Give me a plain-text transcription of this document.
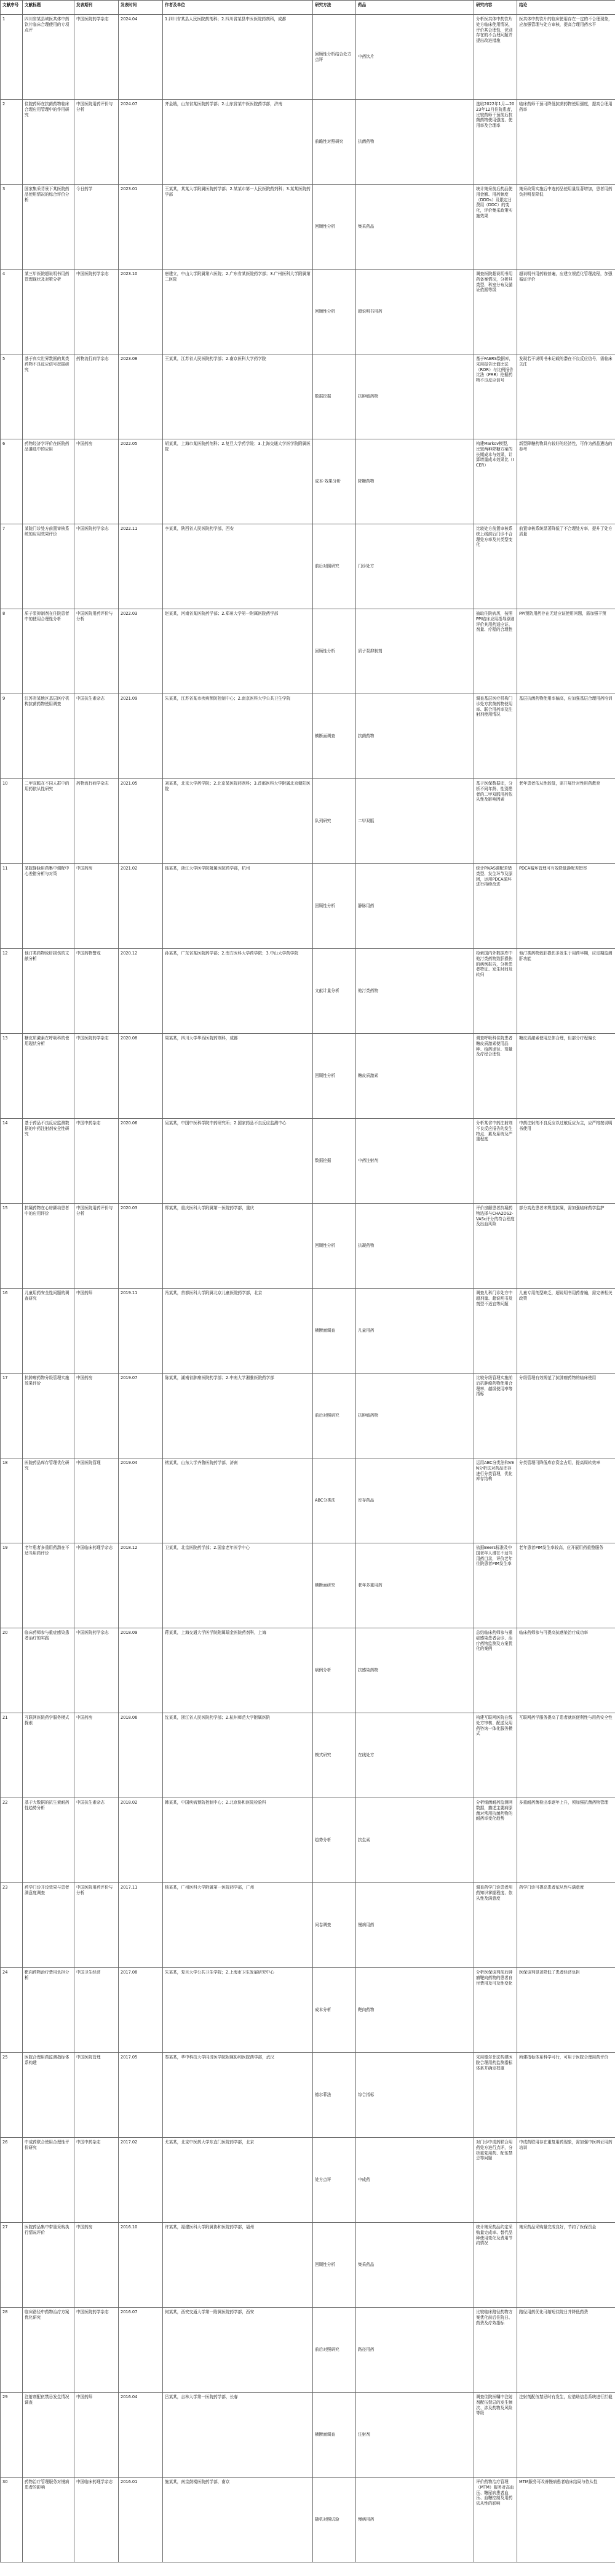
文献序号	文献标题	发表期刊	发表时间	作者及单位	研究方法	药品	研究内容	结论
1	四川省某县域医共体中药饮片临床合理使用的专项点评	中国医院药学杂志	2024.04	1.四川省某县人民医院药剂科；2.四川省某县中医医院药剂科，成都	回顾性分析结合处方点评	中药饮片	分析医共体中药饮片处方临床使用情况，评价其合理性，识别存在的不合理问题并提出改进措施	医共体中药饮片的临床使用存在一定的不合理现象，应加强管理与处方审核，提高合理用药水平
2	住院药师在抗菌药物临床合理应用管理中的作用研究	中国医院用药评价与分析	2024.07	齐金娥，山东省某医院药学部；2.山东省某中医医院药学部，济南	前瞻性对照研究	抗菌药物	选取2022年1月—2023年12月住院患者，比较药师干预前后抗菌药物使用强度、使用率及合理率	临床药师干预可降低抗菌药物使用强度，提高合理用药率
3	国家集采背景下某医院药品使用情况的综合评价分析	今日药学	2023.01	王某某，某某大学附属医院药学部；2.某某市第一人民医院药剂科；3.某某医院药学部	回顾性分析	集采药品	统计集采前后药品使用金额、用药频度（DDDs）及限定日费用（DDC）的变化，评价集采政策实施效果	集采政策实施后中选药品使用量显著增加，患者用药负担明显降低
4	某三甲医院超说明书用药管理现状及对策分析	中国医院药学杂志	2023.10	唐建立，中山大学附属第六医院；2.广东省某医院药学部；3.广州医科大学附属第二医院	回顾性分析	超说明书用药	调查医院超说明书用药备案情况，分析其类型、科室分布及循证依据等级	超说明书用药较普遍，应建立规范化管理流程，加强循证评价
5	基于真实世界数据的某类药物不良反应信号挖掘研究	药物流行病学杂志	2023.08	王某某，江苏省人民医院药学部；2.南京医科大学药学院	数据挖掘	抗肿瘤药物	基于FAERS数据库，采用报告比值比法（ROR）与比例报告比法（PRR）挖掘药物不良反应信号	发现若干说明书未记载的潜在不良反应信号，需临床关注
6	药物经济学评价在医院药品遴选中的应用	中国药房	2022.05	胡某某，上海市某医院药剂科；2.复旦大学药学院；3.上海交通大学医学院附属医院	成本-效果分析	降糖药物	构建Markov模型，比较两种降糖方案的长期成本与效果，计算增量成本效果比（ICER）	新型降糖药物具有较好的经济性，可作为药品遴选的参考
7	某院门诊处方前置审核系统的应用效果评价	中国医院药学杂志	2022.11	李某某，陕西省人民医院药学部，西安	前后对照研究	门诊处方	比较处方前置审核系统上线前后门诊不合理处方率及其类型变化	前置审核系统显著降低了不合理处方率，提升了处方质量
8	质子泵抑制剂在住院患者中的使用合理性分析	中国医院用药评价与分析	2022.03	赵某某，河南省某医院药学部；2.郑州大学第一附属医院药学部	回顾性分析	质子泵抑制剂	抽取住院病历，按照PPI临床应用指导原则评价其用药适应证、剂量、疗程的合理性	PPI预防用药存在无适应证使用问题，需加强干预
9	江苏省某地区基层医疗机构抗菌药物使用调查	中国抗生素杂志	2021.09	朱某某，江苏省某市疾病预防控制中心；2.南京医科大学公共卫生学院	横断面调查	抗菌药物	调查基层医疗机构门诊处方抗菌药物使用率、联合用药率及注射剂使用情况	基层抗菌药物使用率偏高，应加强基层合理用药培训
10	二甲双胍在不同人群中的用药依从性研究	药物流行病学杂志	2021.05	刘某某，北京大学药学院；2.北京某医院药剂科；3.首都医科大学附属北京朝阳医院	队列研究	二甲双胍	基于医保数据库，分析不同年龄、性别患者的二甲双胍用药依从性及影响因素	老年患者依从性较低，需开展针对性用药教育
11	某院静脉用药集中调配中心差错分析与对策	中国药房	2021.02	钱某某，浙江大学医学院附属医院药学部，杭州	回顾性分析	静脉用药	统计PIVAS调配差错类型、发生环节及原因，运用PDCA循环进行持续改进	PDCA循环管理可有效降低静配差错率
12	他汀类药物致肝损伤的文献分析	中国药物警戒	2020.12	孙某某，广东省某医院药学部；2.南方医科大学药学院；3.中山大学药学院	文献计量分析	他汀类药物	检索国内外数据库中他汀类药物致肝损伤的病例报告，分析患者特征、发生时间及转归	他汀类药物致肝损伤多发生于用药早期，应定期监测肝功能
13	糖皮质激素在呼吸科的使用现状分析	中国医院药学杂志	2020.08	周某某，四川大学华西医院药剂科，成都	回顾性分析	糖皮质激素	调查呼吸科住院患者糖皮质激素使用品种、给药途径、剂量及疗程合理性	糖皮质激素使用总体合理，但部分疗程偏长
14	基于药品不良反应监测数据的中药注射剂安全性研究	中国中药杂志	2020.06	吴某某，中国中医科学院中药研究所；2.国家药品不良反应监测中心	数据挖掘	中药注射剂	分析某省中药注射剂不良反应报告的发生特点、累及系统及严重程度	中药注射剂不良反应以过敏反应为主，应严格按说明书使用
15	抗凝药物在心房颤动患者中的应用评价	中国医院用药评价与分析	2020.03	郑某某，重庆医科大学附属第一医院药学部，重庆	回顾性分析	抗凝药物	评价房颤患者抗凝药物选择与CHA2DS2-VASc评分的符合程度及出血风险	部分高危患者未规范抗凝，需加强临床药学监护
16	儿童用药安全性问题的调查研究	中国药师	2019.11	冯某某，首都医科大学附属北京儿童医院药学部，北京	横断面调查	儿童用药	调查儿科门诊处方中超剂量、超说明书及剂型不适宜等问题	儿童专用剂型缺乏，超说明书用药普遍，需完善相关政策
17	抗肿瘤药物分级管理实施效果评价	中国药房	2019.07	陈某某，湖南省肿瘤医院药学部；2.中南大学湘雅医院药学部	前后对照研究	抗肿瘤药物	比较分级管理实施前后抗肿瘤药物使用合理率、越级使用率等指标	分级管理有效规范了抗肿瘤药物的临床使用
18	医院药品库存管理优化研究	中国医院管理	2019.04	褚某某，山东大学齐鲁医院药学部，济南	ABC分类法	库存药品	运用ABC分类法和VEN分析法对药品库存进行分类管理，优化库存结构	分类管理可降低库存资金占用，提高周转效率
19	老年患者多重用药潜在不适当用药评价	中国临床药理学杂志	2018.12	卫某某，北京医院药学部；2.国家老年医学中心	横断面研究	老年多重用药	依据Beers标准及中国老年人潜在不适当用药目录，评价老年住院患者PIM发生率	老年患者PIM发生率较高，应开展用药重整服务
20	临床药师参与重症感染患者治疗的实践	中国医院药学杂志	2018.09	蒋某某，上海交通大学医学院附属瑞金医院药剂科，上海	病例分析	抗感染药物	总结临床药师参与重症感染患者会诊、治疗药物监测及方案优化的案例	临床药师参与可提高抗感染治疗成功率
21	互联网医院药学服务模式探索	中国药房	2018.06	沈某某，浙江省人民医院药学部；2.杭州师范大学附属医院	模式研究	在线处方	构建互联网医院在线处方审核、配送及用药咨询一体化服务模式	互联网药学服务提高了患者就医便利性与用药安全性
22	基于大数据的抗生素耐药性趋势分析	中国抗生素杂志	2018.02	韩某某，中国疾病预防控制中心；2.北京协和医院检验科	趋势分析	抗生素	分析细菌耐药监测网数据，描述主要病原菌对常用抗菌药物的耐药率变化趋势	多重耐药菌检出率逐年上升，须加强抗菌药物管理
23	药学门诊开设效果与患者满意度调查	中国医院用药评价与分析	2017.11	杨某某，广州医科大学附属第一医院药学部，广州	问卷调查	慢病用药	调查药学门诊患者用药知识掌握程度、依从性及满意度	药学门诊可提高患者依从性与满意度
24	靶向药物治疗费用负担分析	中国卫生经济	2017.08	朱某某，复旦大学公共卫生学院；2.上海市卫生发展研究中心	成本分析	靶向药物	分析医保谈判前后肿瘤靶向药物的患者自付费用及可及性变化	医保谈判显著降低了患者经济负担
25	医院合理用药监测指标体系构建	中国医院管理	2017.05	秦某某，华中科技大学同济医学院附属协和医院药学部，武汉	德尔菲法	综合指标	采用德尔菲法构建医院合理用药监测指标体系并确定权重	所建指标体系科学可行，可用于医院合理用药评价
26	中成药联合使用合理性评价研究	中国中药杂志	2017.02	尤某某，北京中医药大学东直门医院药学部，北京	处方点评	中成药	对门诊中成药联合用药处方进行点评，分析重复用药、配伍禁忌等问题	中成药联用存在重复用药现象，需加强中医辨证用药培训
27	医院药品集中带量采购执行情况评价	中国药房	2016.10	许某某，福建医科大学附属协和医院药学部，福州	回顾性分析	集采药品	统计集采药品约定采购量完成率、替代品种使用变化及费用节约情况	集采药品采购量完成良好，节约了医保资金
28	临床路径中药物治疗方案优化研究	中国医院药学杂志	2016.07	何某某，西安交通大学第一附属医院药学部，西安	前后对照研究	路径用药	比较临床路径药物方案优化前后住院日、药费及疗效指标	路径用药优化可缩短住院日并降低药费
29	注射剂配伍禁忌发生情况调查	中国药师	2016.04	吕某某，吉林大学第一医院药学部，长春	横断面调查	注射剂	调查住院医嘱中注射剂配伍禁忌的发生频次、涉及药物及风险等级	注射剂配伍禁忌时有发生，应借助信息系统进行拦截
30	药物治疗管理服务对慢病患者的影响	中国临床药理学杂志	2016.01	施某某，南京鼓楼医院药学部，南京	随机对照试验	慢病用药	评价药物治疗管理（MTM）服务对高血压、糖尿病患者血压、血糖控制及用药依从性的影响	MTM服务可改善慢病患者临床结局与依从性
